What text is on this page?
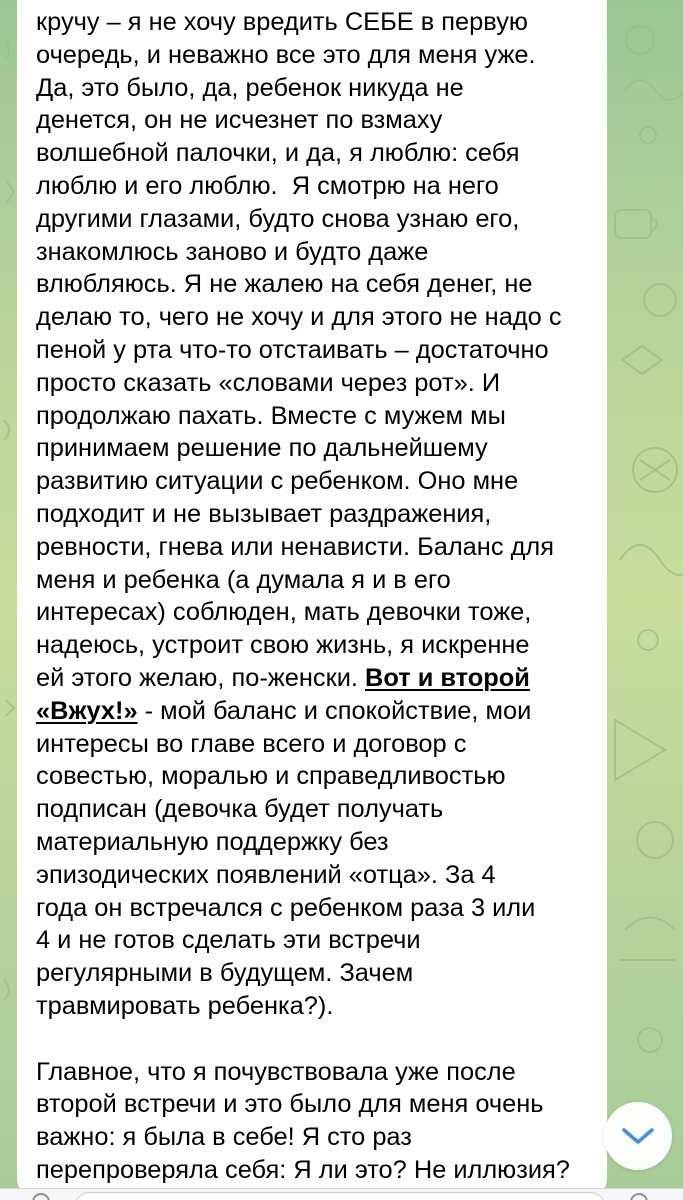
кручу – я не хочу вредить СЕБЕ в первую
очередь, и неважно все это для меня уже.
Да, это было, да, ребенок никуда не
денется, он не исчезнет по взмаху
волшебной палочки, и да, я люблю: себя
люблю и его люблю.  Я смотрю на него
другими глазами, будто снова узнаю его,
знакомлюсь заново и будто даже
влюбляюсь. Я не жалею на себя денег, не
делаю то, чего не хочу и для этого не надо с
пеной у рта что-то отстаивать – достаточно
просто сказать «словами через рот». И
продолжаю пахать. Вместе с мужем мы
принимаем решение по дальнейшему
развитию ситуации с ребенком. Оно мне
подходит и не вызывает раздражения,
ревности, гнева или ненависти. Баланс для
меня и ребенка (а думала я и в его
интересах) соблюден, мать девочки тоже,
надеюсь, устроит свою жизнь, я искренне
ей этого желаю, по-женски. Вот и второй
«Вжух!» - мой баланс и спокойствие, мои
интересы во главе всего и договор с
совестью, моралью и справедливостью
подписан (девочка будет получать
материальную поддержку без
эпизодических появлений «отца». За 4
года он встречался с ребенком раза 3 или
4 и не готов сделать эти встречи
регулярными в будущем. Зачем
травмировать ребенка?).
Главное, что я почувствовала уже после
второй встречи и это было для меня очень
важно: я была в себе! Я сто раз
перепроверяла себя: Я ли это? Не иллюзия?
